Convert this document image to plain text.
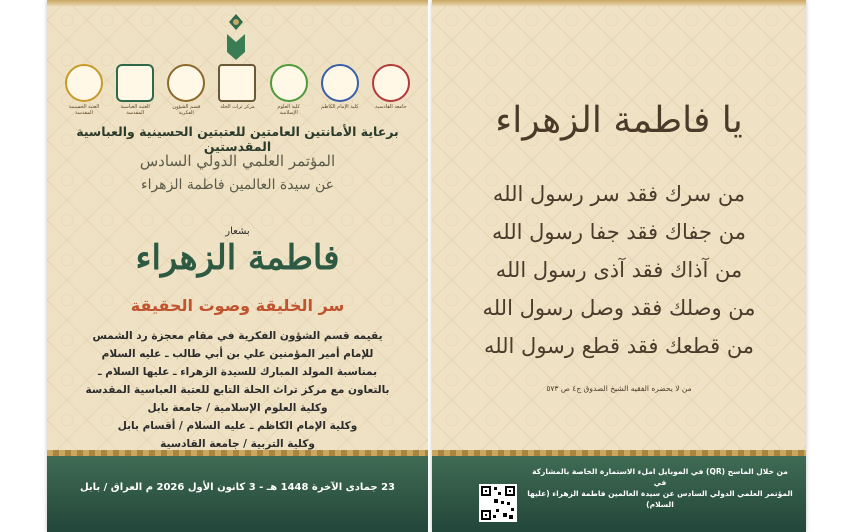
جامعة القادسية
كلية الإمام الكاظم
كلية العلوم الإسلامية
مركز تراث الحلة
قسم الشؤون الفكرية
العتبة العباسية المقدسة
العتبة الحسينية المقدسة
برعاية الأمانتين العامتين للعتبتين الحسينية والعباسية المقدستين
المؤتمر العلمي الدولي السادس
عن سيدة العالمين فاطمة الزهراء
بشعار
فاطمة الزهراء
سر الخليقة وصوت الحقيقة
يقيمه قسم الشؤون الفكرية في مقام معجزة رد الشمس
للإمام أمير المؤمنين علي بن أبي طالب ـ عليه السلام
بمناسبة المولد المبارك للسيدة الزهراء ـ عليها السلام ـ
بالتعاون مع مركز تراث الحلة التابع للعتبة العباسية المقدسة
وكلية العلوم الإسلامية / جامعة بابل
وكلية الإمام الكاظم ـ عليه السلام / أقسام بابل
وكلية التربية / جامعة القادسية
23 جمادى الآخرة 1448 هـ - 3 كانون الأول 2026 م العراق / بابل
يا فاطمة الزهراء
من سرك فقد سر رسول الله
من جفاك فقد جفا رسول الله
من آذاك فقد آذى رسول الله
من وصلك فقد وصل رسول الله
من قطعك فقد قطع رسول الله
من لا يحضره الفقيه الشيخ الصدوق ج٤ ص ٥٧٣
من خلال الماسح (QR) في الموبايل املء الاستمارة الخاصة بالمشاركة في
المؤتمر العلمي الدولي السادس عن سيدة العالمين فاطمة الزهراء (عليها السلام)
